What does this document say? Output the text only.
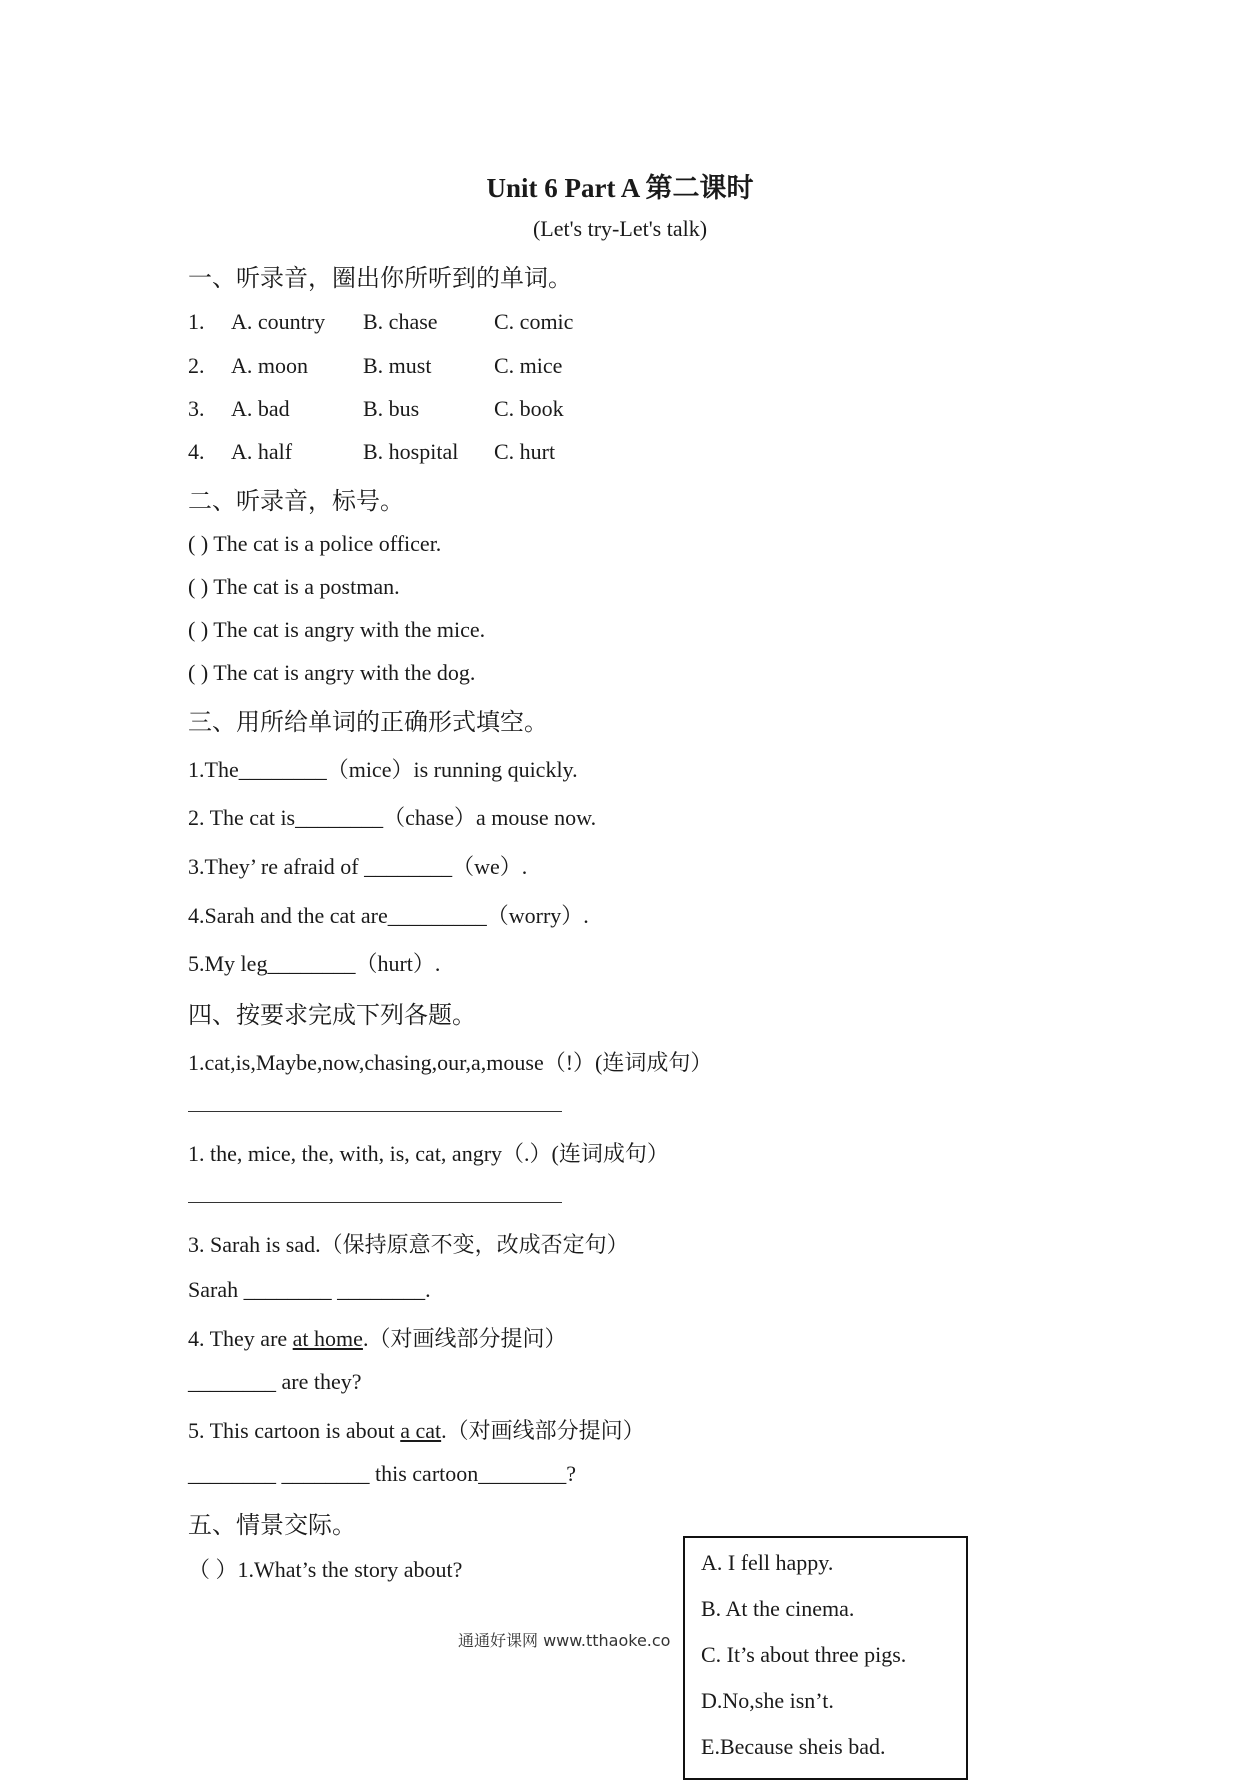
Unit 6 Part A 第二课时
(Let's try-Let's talk)
一、听录音，圈出你所听到的单词。
1. A. country B. chase	C. comic
2. A. moon	B. must	C. mice
3. A. bad	B. bus	C. book
4. A. half	B. hospital C. hurt
二、听录音，标号。
( ) The cat is a police officer.
( ) The cat is a postman.
( ) The cat is angry with the mice.
( ) The cat is angry with the dog.
三、用所给单词的正确形式填空。
1.The________（mice）is running quickly.
2. The cat is________（chase）a mouse now.
3.They’ re afraid of ________（we）.
4.Sarah and the cat are_________（worry）.
5.My leg________（hurt）.
四、按要求完成下列各题。
1.cat,is,Maybe,now,chasing,our,a,mouse（!）(连词成句）
1. the, mice, the, with, is, cat, angry（.）(连词成句）
3. Sarah is sad.（保持原意不变，改成否定句）
Sarah ________ ________.
4. They are at home.（对画线部分提问）
________ are they?
5. This cartoon is about a cat.（对画线部分提问）
________ ________ this cartoon________?
五、情景交际。
（ ）1.What’s the story about?	A. I fell happy.
B. At the cinema.
C. It’s about three pigs.
D.No,she isn’t.
E.Because sheis bad.
通通好课网 www.tthaoke.co
